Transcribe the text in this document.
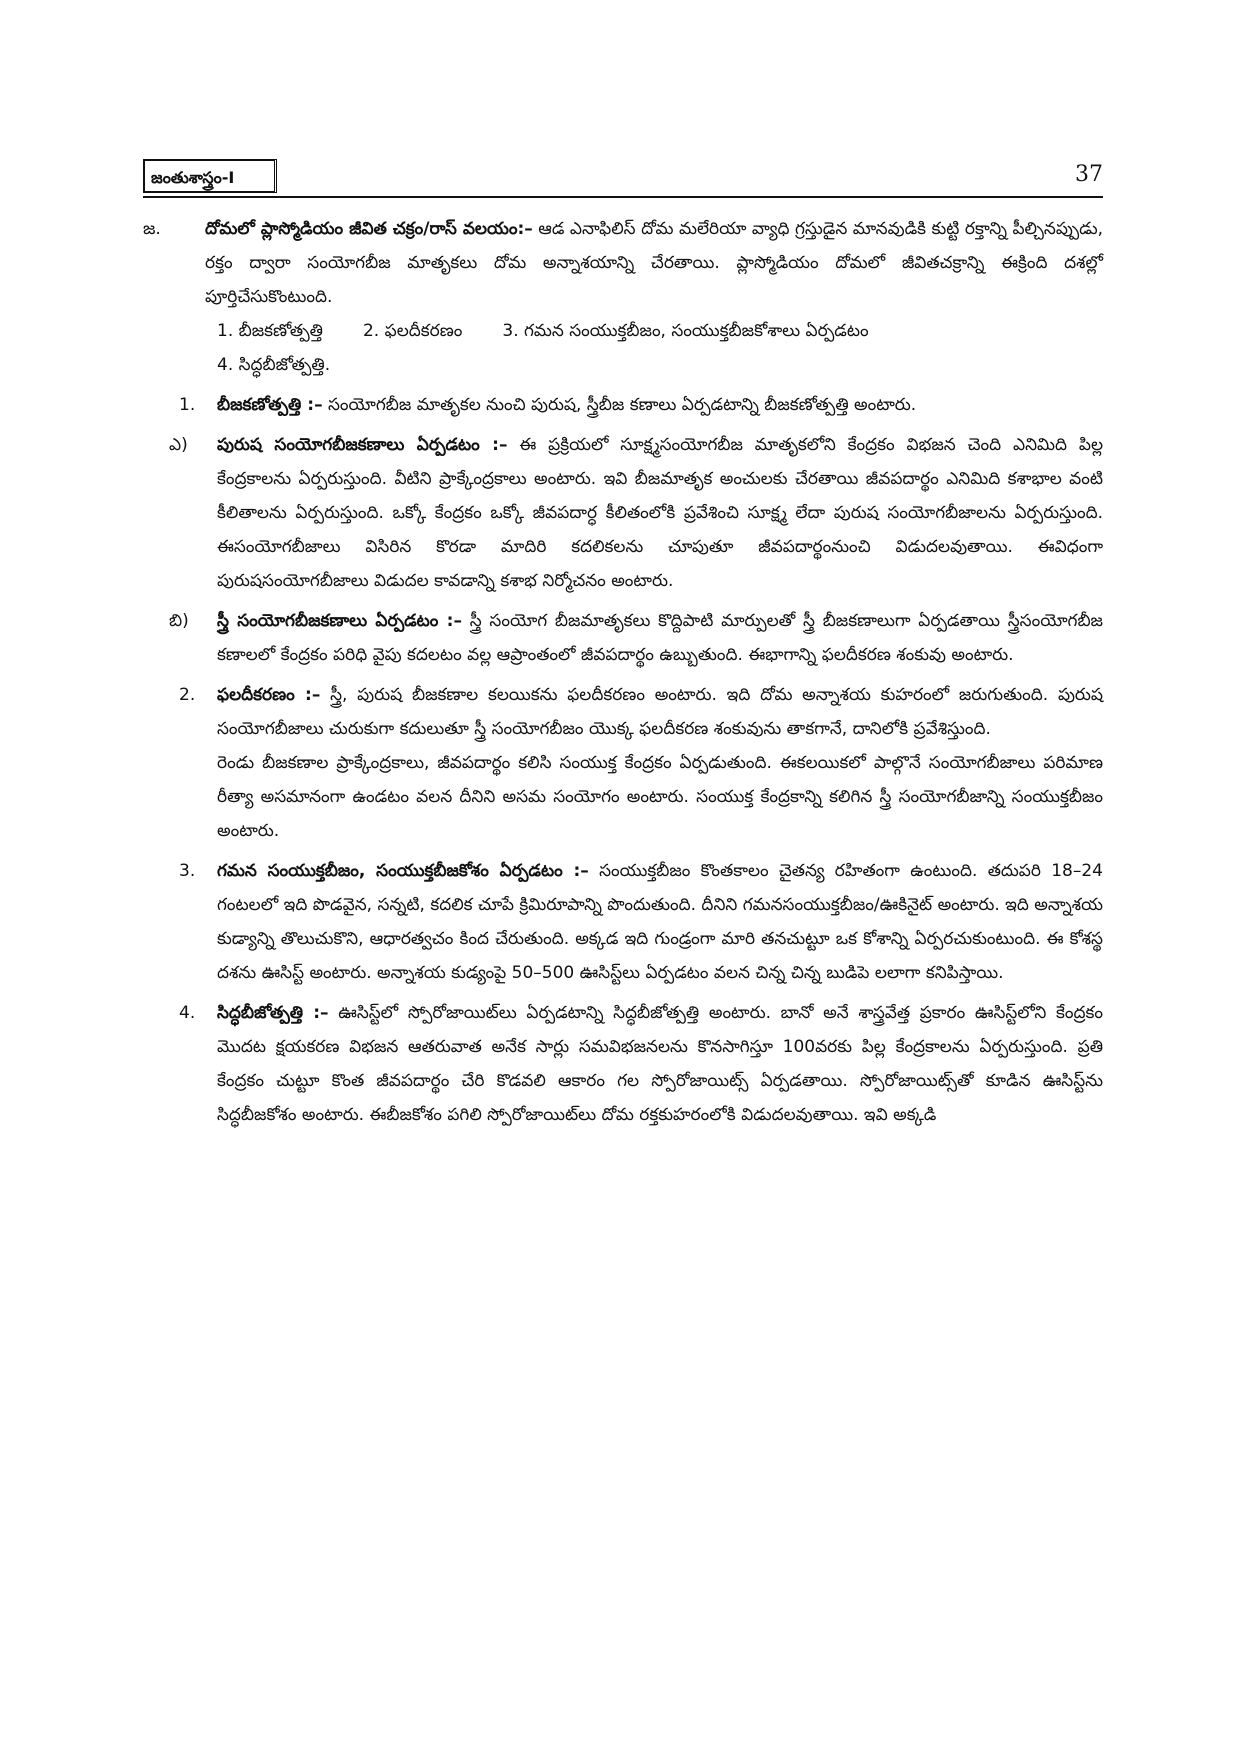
జంతుశాస్త్రం-I	37
జ.	దోమలో ప్లాస్మోడియం జీవిత చక్రం/రాస్ వలయం:– ఆడ ఎనాఫిలిస్ దోమ మలేరియా వ్యాధి గ్రస్తుడైన మానవుడికి కుట్టి రక్తాన్ని పీల్చినప్పుడు, రక్తం ద్వారా సంయోగబీజ మాతృకలు దోమ అన్నాశయాన్ని చేరతాయి. ప్లాస్మోడియం దోమలో జీవితచక్రాన్ని ఈక్రింది దశల్లో పూర్తిచేసుకొంటుంది.
1. బీజకణోత్పత్తి 2. ఫలదీకరణం 3. గమన సంయుక్తబీజం, సంయుక్తబీజకోశాలు ఏర్పడటం
4. సిద్ధబీజోత్పత్తి.
1. బీజకణోత్పత్తి :– సంయోగబీజ మాతృకల నుంచి పురుష, స్త్రీబీజ కణాలు ఏర్పడటాన్ని బీజకణోత్పత్తి అంటారు.
ఎ) పురుష సంయోగబీజకణాలు ఏర్పడటం :– ఈ ప్రక్రియలో సూక్ష్మసంయోగబీజ మాతృకలోని కేంద్రకం విభజన చెంది ఎనిమిది పిల్ల కేంద్రకాలను ఏర్పరుస్తుంది. వీటిని ప్రాక్కేంద్రకాలు అంటారు. ఇవి బీజమాతృక అంచులకు చేరతాయి జీవపదార్థం ఎనిమిది కశాభాల వంటి కీలితాలను ఏర్పరుస్తుంది. ఒక్కో కేంద్రకం ఒక్కో జీవపదార్ధ కీలితంలోకి ప్రవేశించి సూక్ష్మ లేదా పురుష సంయోగబీజాలను ఏర్పరుస్తుంది. ఈసంయోగబీజాలు విసిరిన కొరడా మాదిరి కదలికలను చూపుతూ జీవపదార్థంనుంచి విడుదలవుతాయి. ఈవిధంగా పురుషసంయోగబీజాలు విడుదల కావడాన్ని కశాభ నిర్మోచనం అంటారు.
బి) స్త్రీ సంయోగబీజకణాలు ఏర్పడటం :– స్త్రీ సంయోగ బీజమాతృకలు కొద్దిపాటి మార్పులతో స్త్రీ బీజకణాలుగా ఏర్పడతాయి స్త్రీసంయోగబీజ కణాలలో కేంద్రకం పరిధి వైపు కదలటం వల్ల ఆప్రాంతంలో జీవపదార్థం ఉబ్బుతుంది. ఈభాగాన్ని ఫలదీకరణ శంకువు అంటారు.
2. ఫలదీకరణం :– స్త్రీ, పురుష బీజకణాల కలయికను ఫలదీకరణం అంటారు. ఇది దోమ అన్నాశయ కుహరంలో జరుగుతుంది. పురుష సంయోగబీజాలు చురుకుగా కదులుతూ స్త్రీ సంయోగబీజం యొక్క ఫలదీకరణ శంకువును తాకగానే, దానిలోకి ప్రవేశిస్తుంది.
రెండు బీజకణాల ప్రాక్కేంద్రకాలు, జీవపదార్థం కలిసి సంయుక్త కేంద్రకం ఏర్పడుతుంది. ఈకలయికలో పాల్గొనే సంయోగబీజాలు పరిమాణ రీత్యా అసమానంగా ఉండటం వలన దీనిని అసమ సంయోగం అంటారు. సంయుక్త కేంద్రకాన్ని కలిగిన స్త్రీ సంయోగబీజాన్ని సంయుక్తబీజం అంటారు.
3. గమన సంయుక్తబీజం, సంయుక్తబీజకోశం ఏర్పడటం :– సంయుక్తబీజం కొంతకాలం చైతన్య రహితంగా ఉంటుంది. తదుపరి 18–24 గంటలలో ఇది పొడవైన, సన్నటి, కదలిక చూపే క్రిమిరూపాన్ని పొందుతుంది. దీనిని గమనసంయుక్తబీజం/ఊకినైట్ అంటారు. ఇది అన్నాశయ కుడ్యాన్ని తొలుచుకొని, ఆధారత్వచం కింద చేరుతుంది. అక్కడ ఇది గుండ్రంగా మారి తనచుట్టూ ఒక కోశాన్ని ఏర్పరచుకుంటుంది. ఈ కోశస్థ దశను ఊసిస్ట్ అంటారు. అన్నాశయ కుడ్యంపై 50–500 ఊసిస్ట్‌లు ఏర్పడటం వలన చిన్న చిన్న బుడిపె లలాగా కనిపిస్తాయి.
4. సిద్ధబీజోత్పత్తి :– ఊసిస్ట్‌లో స్పోరోజాయిట్‌లు ఏర్పడటాన్ని సిద్ధబీజోత్పత్తి అంటారు. బానో అనే శాస్త్రవేత్త ప్రకారం ఊసిస్ట్‌లోని కేంద్రకం మొదట క్షయకరణ విభజన ఆతరువాత అనేక సార్లు సమవిభజనలను కొనసాగిస్తూ 100వరకు పిల్ల కేంద్రకాలను ఏర్పరుస్తుంది. ప్రతి కేంద్రకం చుట్టూ కొంత జీవపదార్థం చేరి కొడవలి ఆకారం గల స్పోరోజాయిట్స్ ఏర్పడతాయి. స్పోరోజాయిట్స్‌తో కూడిన ఊసిస్ట్‌ను సిద్ధబీజకోశం అంటారు. ఈబీజకోశం పగిలి స్పోరోజాయిట్‌లు దోమ రక్తకుహరంలోకి విడుదలవుతాయి. ఇవి అక్కడి
